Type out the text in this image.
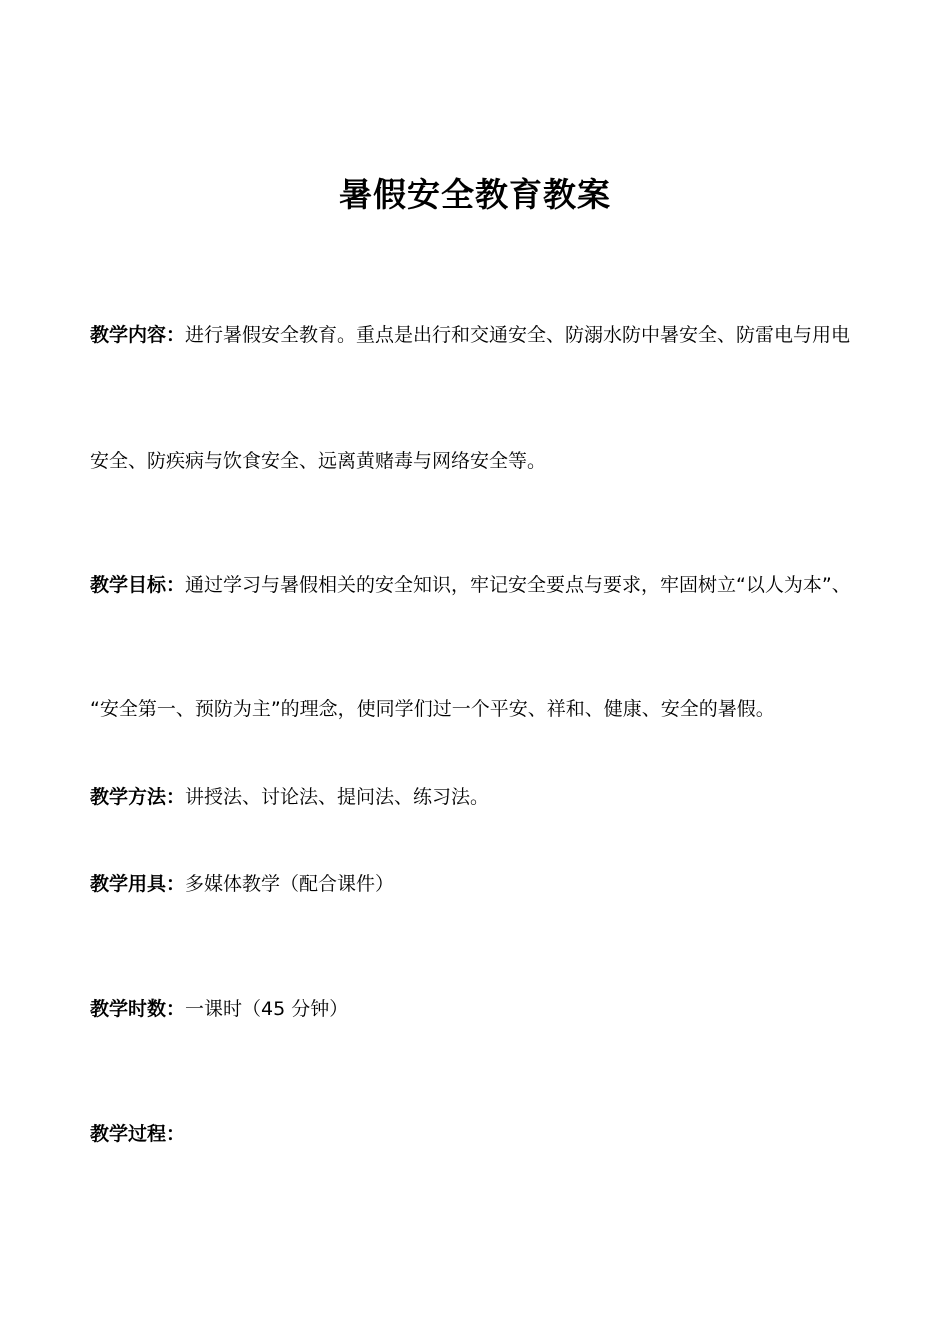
暑假安全教育教案
教学内容：进行暑假安全教育。重点是出行和交通安全、防溺水防中暑安全、防雷电与用电
安全、防疾病与饮食安全、远离黄赌毒与网络安全等。
教学目标：通过学习与暑假相关的安全知识，牢记安全要点与要求，牢固树立“以人为本”、
“安全第一、预防为主”的理念，使同学们过一个平安、祥和、健康、安全的暑假。
教学方法：讲授法、讨论法、提问法、练习法。
教学用具：多媒体教学（配合课件）
教学时数：一课时（45 分钟）
教学过程：
